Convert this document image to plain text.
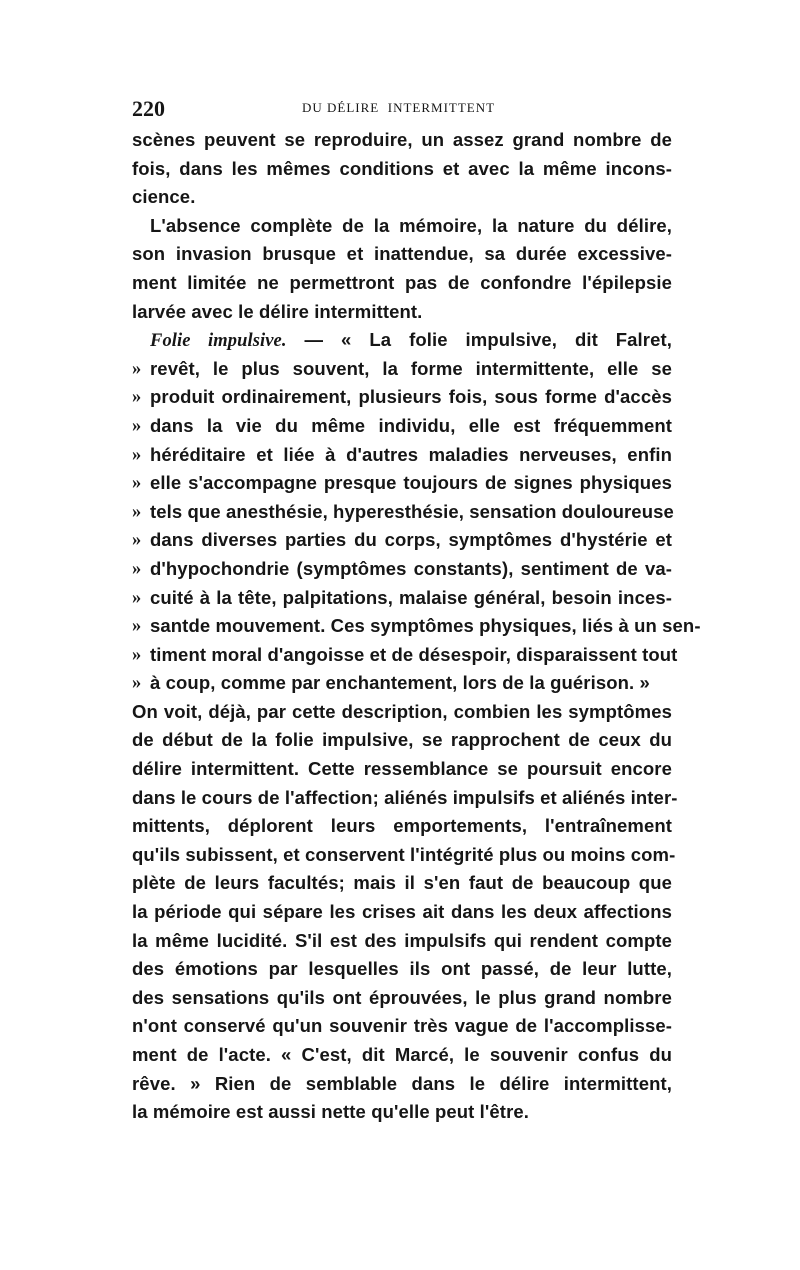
220	DU DÉLIRE  INTERMITTENT
scènes peuvent se reproduire, un assez grand nombre de
fois, dans les mêmes conditions et avec la même incons-
cience.
L'absence complète de la mémoire, la nature du délire,
son invasion brusque et inattendue, sa durée excessive-
ment limitée ne permettront pas de confondre l'épilepsie
larvée avec le délire intermittent.
Folie impulsive. — « La folie impulsive, dit Falret,
» revêt, le plus souvent, la forme intermittente, elle se
» produit ordinairement, plusieurs fois, sous forme d'accès
» dans la vie du même individu, elle est fréquemment
» héréditaire et liée à d'autres maladies nerveuses, enfin
» elle s'accompagne presque toujours de signes physiques
» tels que anesthésie, hyperesthésie, sensation douloureuse
» dans diverses parties du corps, symptômes d'hystérie et
» d'hypochondrie (symptômes constants), sentiment de va-
» cuité à la tête, palpitations, malaise général, besoin inces-
» santde mouvement. Ces symptômes physiques, liés à un sen-
» timent moral d'angoisse et de désespoir, disparaissent tout
» à coup, comme par enchantement, lors de la guérison. »
On voit, déjà, par cette description, combien les symptômes
de début de la folie impulsive, se rapprochent de ceux du
délire intermittent. Cette ressemblance se poursuit encore
dans le cours de l'affection; aliénés impulsifs et aliénés inter-
mittents, déplorent leurs emportements, l'entraînement
qu'ils subissent, et conservent l'intégrité plus ou moins com-
plète de leurs facultés; mais il s'en faut de beaucoup que
la période qui sépare les crises ait dans les deux affections
la même lucidité. S'il est des impulsifs qui rendent compte
des émotions par lesquelles ils ont passé, de leur lutte,
des sensations qu'ils ont éprouvées, le plus grand nombre
n'ont conservé qu'un souvenir très vague de l'accomplisse-
ment de l'acte. « C'est, dit Marcé, le souvenir confus du
rêve. » Rien de semblable dans le délire intermittent,
la mémoire est aussi nette qu'elle peut l'être.
